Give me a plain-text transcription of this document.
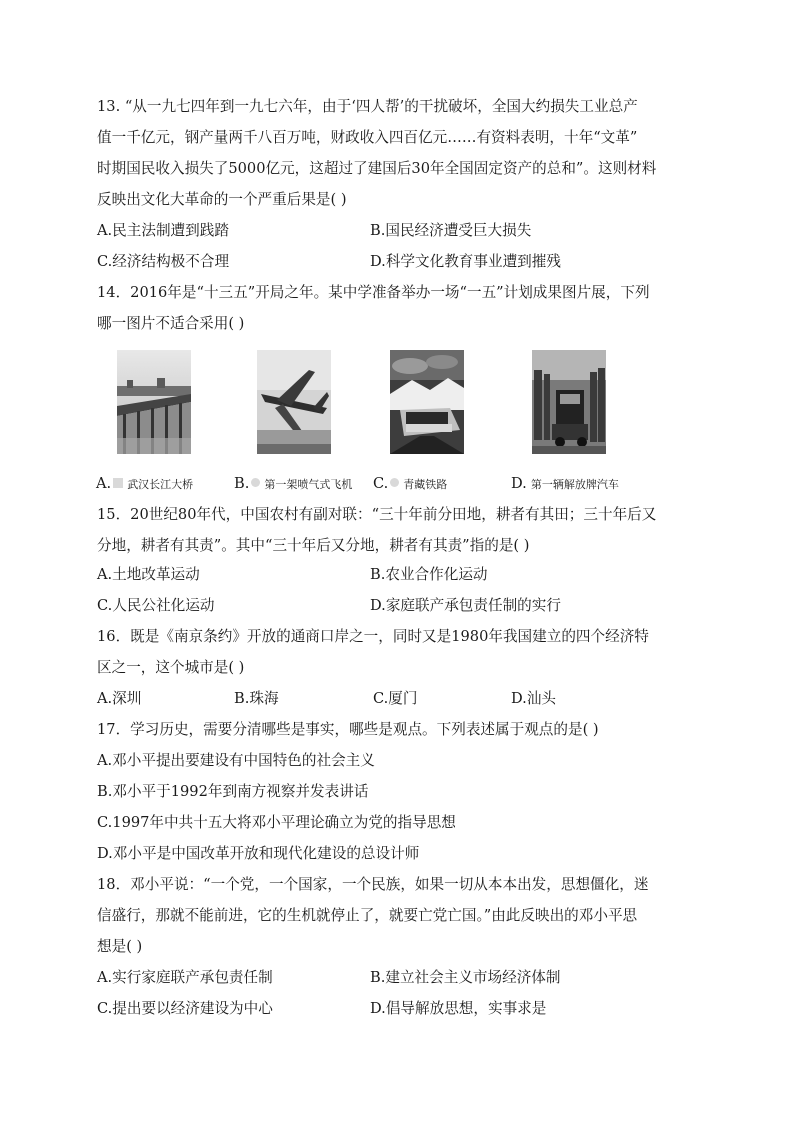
13. “从一九七四年到一九七六年，由于‘四人帮’的干扰破坏，全国大约损失工业总产
值一千亿元，钢产量两千八百万吨，财政收入四百亿元……有资料表明，十年“文革”
时期国民收入损失了5000亿元，这超过了建国后30年全国固定资产的总和”。这则材料
反映出文化大革命的一个严重后果是( )
A.民主法制遭到践踏	B.国民经济遭受巨大损失
C.经济结构极不合理	D.科学文化教育事业遭到摧残
14．2016年是“十三五”开局之年。某中学准备举办一场“一五”计划成果图片展，下列
哪一图片不适合采用( )
A. 武汉长江大桥	B. 第一架喷气式飞机 C. 青藏铁路	D. 第一辆解放牌汽车
15．20世纪80年代，中国农村有副对联：“三十年前分田地，耕者有其田；三十年后又
分地，耕者有其责”。其中“三十年后又分地，耕者有其责”指的是( )
A.土地改革运动	B.农业合作化运动
C.人民公社化运动	D.家庭联产承包责任制的实行
16．既是《南京条约》开放的通商口岸之一，同时又是1980年我国建立的四个经济特
区之一，这个城市是( )
A.深圳	B.珠海	C.厦门	D.汕头
17．学习历史，需要分清哪些是事实，哪些是观点。下列表述属于观点的是( )
A.邓小平提出要建设有中国特色的社会主义
B.邓小平于1992年到南方视察并发表讲话
C.1997年中共十五大将邓小平理论确立为党的指导思想
D.邓小平是中国改革开放和现代化建设的总设计师
18．邓小平说：“一个党，一个国家，一个民族，如果一切从本本出发，思想僵化，迷
信盛行，那就不能前进，它的生机就停止了，就要亡党亡国。”由此反映出的邓小平思
想是( )
A.实行家庭联产承包责任制	B.建立社会主义市场经济体制
C.提出要以经济建设为中心	D.倡导解放思想，实事求是
